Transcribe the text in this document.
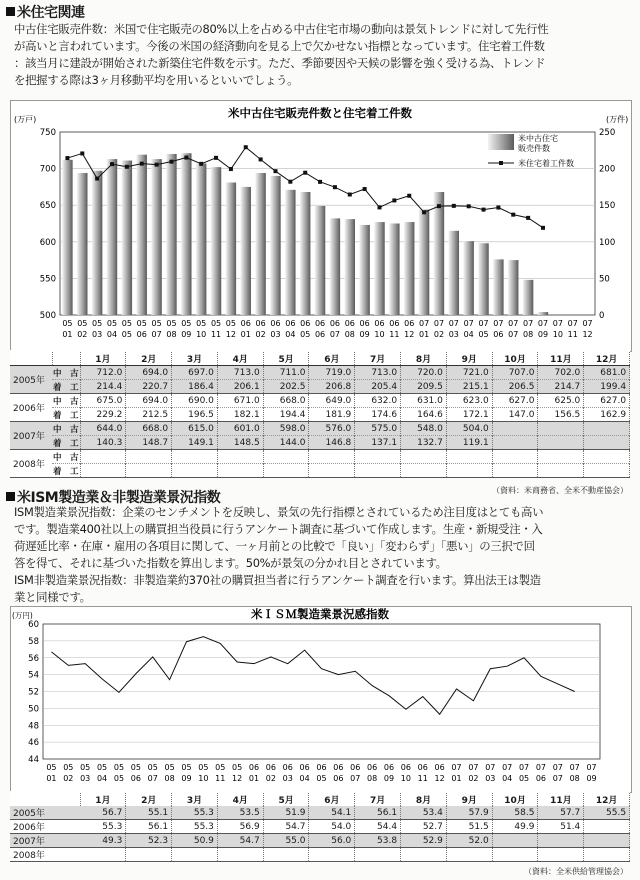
米住宅関連

中古住宅販売件数：米国で住宅販売の80%以上を占める中古住宅市場の動向は景気トレンドに対して先行性

が高いと言われています。今後の米国の経済動向を見る上で欠かせない指標となっています。住宅着工件数

：該当月に建設が開始された新築住宅件数を示す。ただ、季節要因や天候の影響を強く受ける為、トレンド

を把握する際は3ヶ月移動平均を用いるといいでしょう。

米中古住宅販売件数と住宅着工件数
(万戸)	(万件)
750
700
650
600
550
500
250
200
150
100
50
0
05
01
05
02
05
03
05
04
05
05
05
06
05
07
05
08
05
09
05
10
05
11
05
12
06
01
06
02
06
03
06
04
06
05
06
06
06
07
06
08
06
09
06
10
06
11
06
12
07
01
07
02
07
03
07
04
07
05
07
06
07
07
07
08
07
09
07
10
07
11
07
12
米中古住宅
販売件数
米住宅着工件数
		1月	2月	3月	4月	5月	6月	7月	8月	9月	10月	11月	12月
2005年	中　古	712.0	694.0	697.0	713.0	711.0	719.0	713.0	720.0	721.0	707.0	702.0	681.0
	着　工	214.4	220.7	186.4	206.1	202.5	206.8	205.4	209.5	215.1	206.5	214.7	199.4
2006年	中　古	675.0	694.0	690.0	671.0	668.0	649.0	632.0	631.0	623.0	627.0	625.0	627.0
	着　工	229.2	212.5	196.5	182.1	194.4	181.9	174.6	164.6	172.1	147.0	156.5	162.9
2007年	中　古	644.0	668.0	615.0	601.0	598.0	576.0	575.0	548.0	504.0			
	着　工	140.3	148.7	149.1	148.5	144.0	146.8	137.1	132.7	119.1			
2008年	中　古												
	着　工												
（資料：米商務省、全米不動産協会）
米ISM製造業＆非製造業景況指数

ISM製造業景況指数：企業のセンチメントを反映し、景気の先行指標とされているため注目度はとても高い

です。製造業400社以上の購買担当役員に行うアンケート調査に基づいて作成します。生産・新規受注・入

荷遅延比率・在庫・雇用の各項目に関して、一ヶ月前との比較で「良い」「変わらず」「悪い」の三択で回

答を得て、それに基づいた指数を算出します。50%が景気の分かれ目とされています。

ISM非製造業景況指数：非製造業約370社の購買担当者に行うアンケート調査を行います。算出法王は製造

業と同様です。

米ＩＳＭ製造業景況感指数
(万円)
60
58
56
54
52
50
48
46
44
05
01
05
02
05
03
05
04
05
05
05
06
05
07
05
08
05
09
05
10
05
11
05
12
06
01
06
02
06
03
06
04
06
05
06
06
06
07
06
08
06
09
06
10
06
11
06
12
07
01
07
02
07
03
07
04
07
05
07
06
07
07
07
08
07
09
	1月	2月	3月	4月	5月	6月	7月	8月	9月	10月	11月	12月
2005年	56.7	55.1	55.3	53.5	51.9	54.1	56.1	53.4	57.9	58.5	57.7	55.5
2006年	55.3	56.1	55.3	56.9	54.7	54.0	54.4	52.7	51.5	49.9	51.4	
2007年	49.3	52.3	50.9	54.7	55.0	56.0	53.8	52.9	52.0			
2008年												
（資料：全米供給管理協会）
